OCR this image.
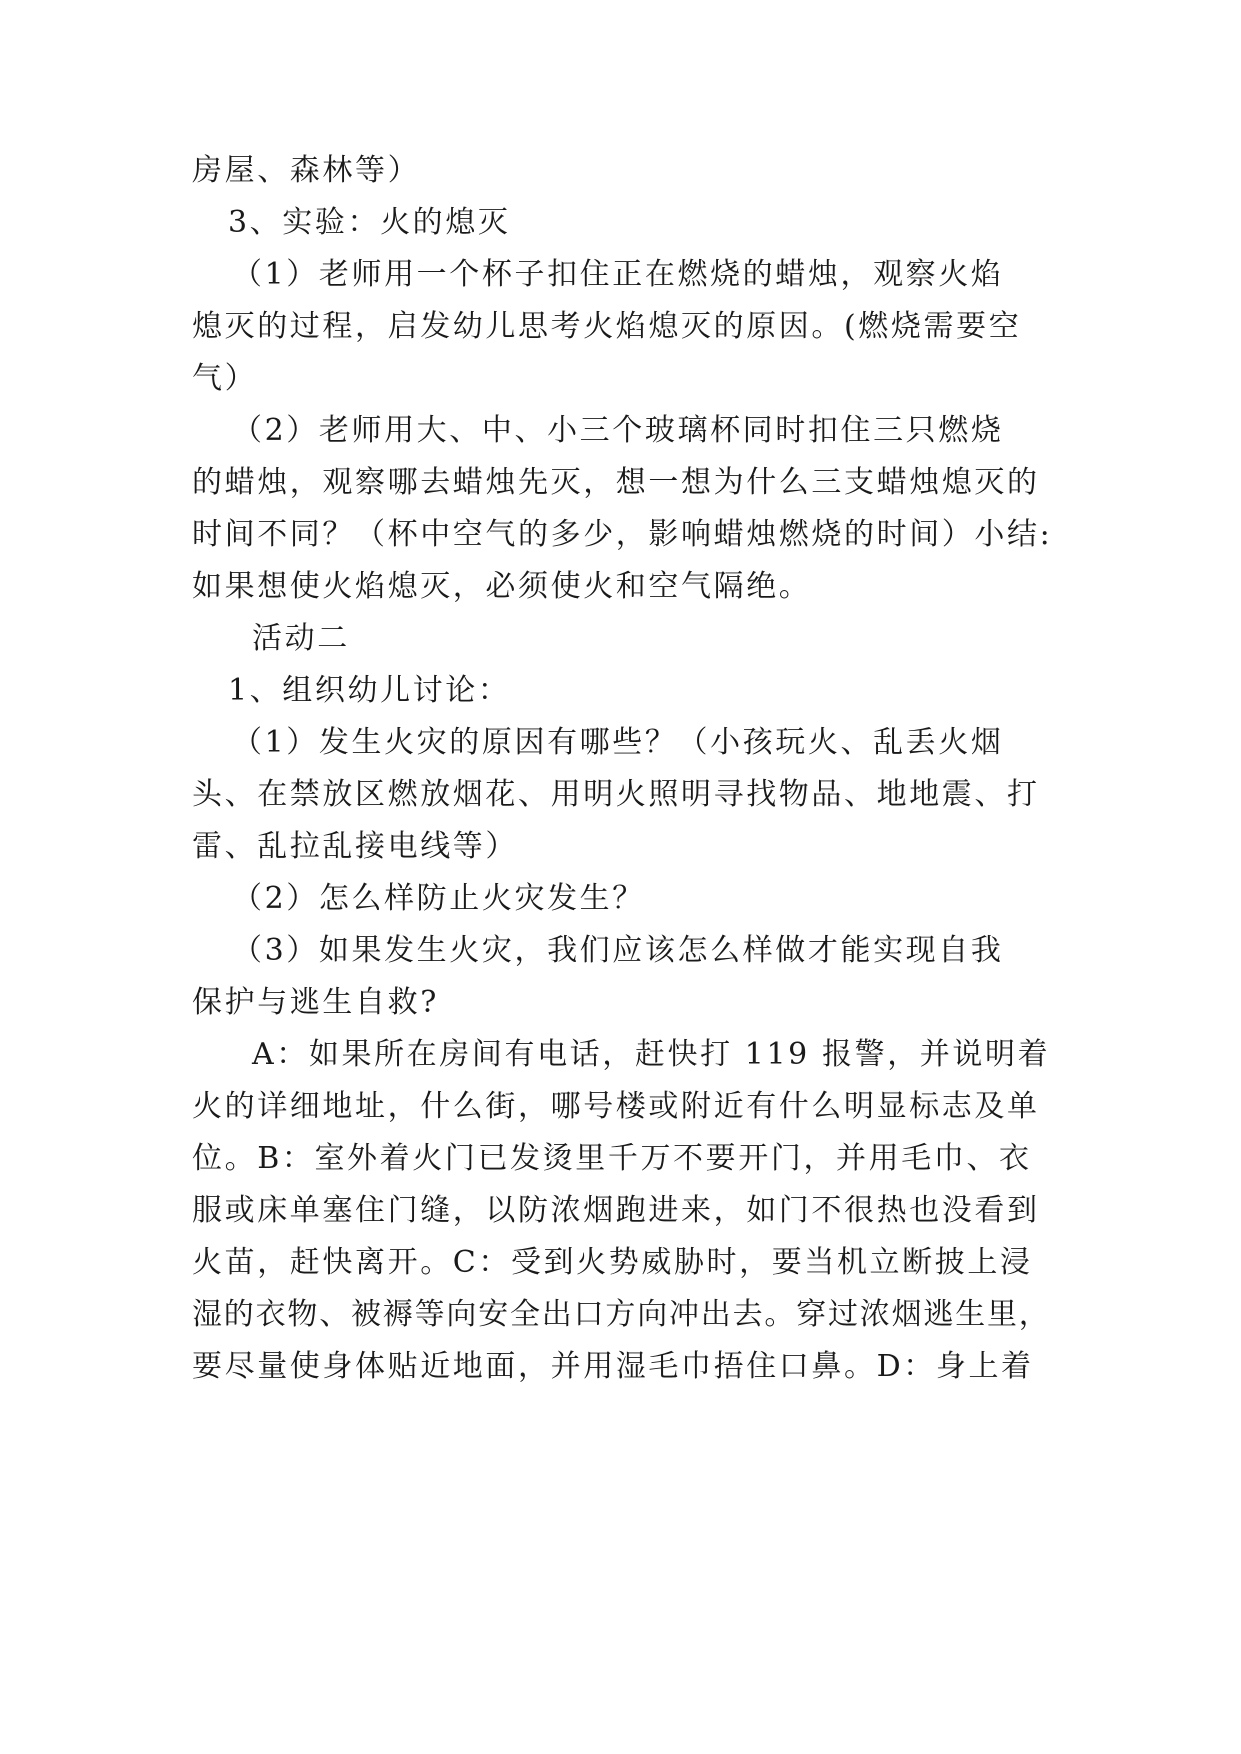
房屋、森林等）
3、实验：火的熄灭
（1）老师用一个杯子扣住正在燃烧的蜡烛，观察火焰
熄灭的过程，启发幼儿思考火焰熄灭的原因。(燃烧需要空
气）
（2）老师用大、中、小三个玻璃杯同时扣住三只燃烧
的蜡烛，观察哪去蜡烛先灭，想一想为什么三支蜡烛熄灭的
时间不同？（杯中空气的多少，影响蜡烛燃烧的时间）小结:
如果想使火焰熄灭，必须使火和空气隔绝。
活动二
1、组织幼儿讨论：
（1）发生火灾的原因有哪些？（小孩玩火、乱丢火烟
头、在禁放区燃放烟花、用明火照明寻找物品、地地震、打
雷、乱拉乱接电线等）
（2）怎么样防止火灾发生？
（3）如果发生火灾，我们应该怎么样做才能实现自我
保护与逃生自救?
A：如果所在房间有电话，赶快打 119 报警，并说明着
火的详细地址，什么街，哪号楼或附近有什么明显标志及单
位。B：室外着火门已发烫里千万不要开门，并用毛巾、衣
服或床单塞住门缝，以防浓烟跑进来，如门不很热也没看到
火苗，赶快离开。C：受到火势威胁时，要当机立断披上浸
湿的衣物、被褥等向安全出口方向冲出去。穿过浓烟逃生里，
要尽量使身体贴近地面，并用湿毛巾捂住口鼻。D：身上着
